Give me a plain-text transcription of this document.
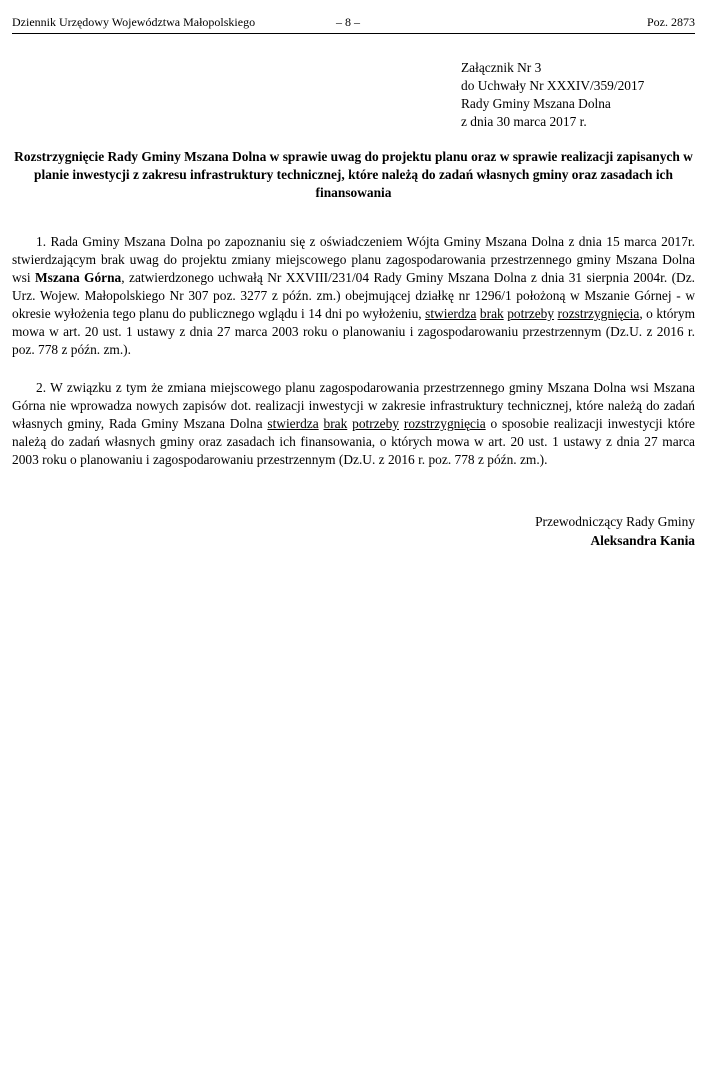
Dziennik Urzędowy Województwa Małopolskiego	– 8 –	Poz. 2873
Załącznik Nr 3
do Uchwały Nr XXXIV/359/2017
Rady Gminy Mszana Dolna
z dnia 30 marca 2017 r.
Rozstrzygnięcie Rady Gminy Mszana Dolna w sprawie uwag do projektu planu oraz w sprawie realizacji zapisanych w planie inwestycji z zakresu infrastruktury technicznej, które należą do zadań własnych gminy oraz zasadach ich finansowania
1. Rada Gminy Mszana Dolna po zapoznaniu się z oświadczeniem Wójta Gminy Mszana Dolna z dnia 15 marca 2017r. stwierdzającym brak uwag do projektu zmiany miejscowego planu zagospodarowania przestrzennego gminy Mszana Dolna wsi Mszana Górna, zatwierdzonego uchwałą Nr XXVIII/231/04 Rady Gminy Mszana Dolna z dnia 31 sierpnia 2004r. (Dz. Urz. Wojew. Małopolskiego Nr 307 poz. 3277 z późn. zm.) obejmującej działkę nr 1296/1 położoną w Mszanie Górnej - w okresie wyłożenia tego planu do publicznego wglądu i 14 dni po wyłożeniu, stwierdza brak potrzeby rozstrzygnięcia, o którym mowa w art. 20 ust. 1 ustawy z dnia 27 marca 2003 roku o planowaniu i zagospodarowaniu przestrzennym (Dz.U. z 2016 r. poz. 778 z późn. zm.).
2. W związku z tym że zmiana miejscowego planu zagospodarowania przestrzennego gminy Mszana Dolna wsi Mszana Górna nie wprowadza nowych zapisów dot. realizacji inwestycji w zakresie infrastruktury technicznej, które należą do zadań własnych gminy, Rada Gminy Mszana Dolna stwierdza brak potrzeby rozstrzygnięcia o sposobie realizacji inwestycji które należą do zadań własnych gminy oraz zasadach ich finansowania, o których mowa w art. 20 ust. 1 ustawy z dnia 27 marca 2003 roku o planowaniu i zagospodarowaniu przestrzennym (Dz.U. z 2016 r. poz. 778 z późn. zm.).
Przewodniczący Rady Gminy
Aleksandra Kania
